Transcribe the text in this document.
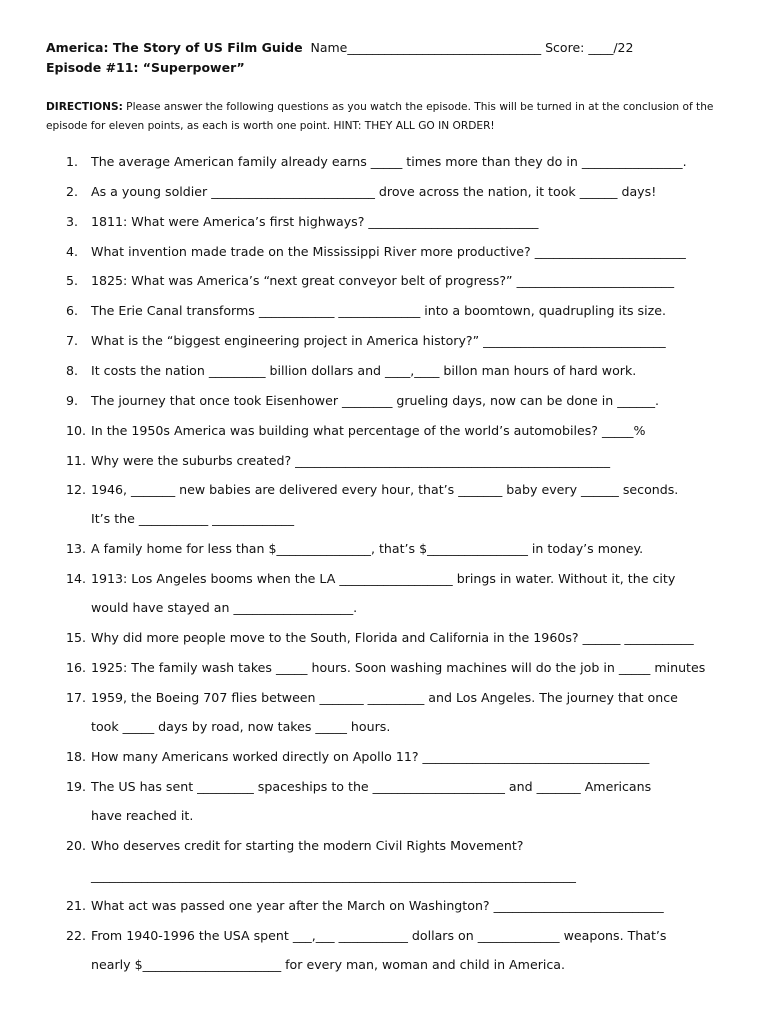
America: The Story of US Film Guide Name_______________________________ Score: ____/22
Episode #11: “Superpower”
DIRECTIONS: Please answer the following questions as you watch the episode. This will be turned in at the conclusion of the episode for eleven points, as each is worth one point. HINT: THEY ALL GO IN ORDER!
1. The average American family already earns _____ times more than they do in ________________.
2. As a young soldier __________________________ drove across the nation, it took ______ days!
3. 1811: What were America’s first highways? ___________________________
4. What invention made trade on the Mississippi River more productive? ________________________
5. 1825: What was America’s “next great conveyor belt of progress?” _________________________
6. The Erie Canal transforms ____________ _____________ into a boomtown, quadrupling its size.
7. What is the “biggest engineering project in America history?” _____________________________
8. It costs the nation _________ billion dollars and ____,____ billon man hours of hard work.
9. The journey that once took Eisenhower ________ grueling days, now can be done in ______.
10. In the 1950s America was building what percentage of the world’s automobiles? _____%
11. Why were the suburbs created? __________________________________________________
12. 1946, _______ new babies are delivered every hour, that’s _______ baby every ______ seconds.
It’s the ___________ _____________
13. A family home for less than $_______________, that’s $________________ in today’s money.
14. 1913: Los Angeles booms when the LA __________________ brings in water. Without it, the city
would have stayed an ___________________.
15. Why did more people move to the South, Florida and California in the 1960s? ______ ___________
16. 1925: The family wash takes _____ hours. Soon washing machines will do the job in _____ minutes
17. 1959, the Boeing 707 flies between _______ _________ and Los Angeles. The journey that once
took _____ days by road, now takes _____ hours.
18. How many Americans worked directly on Apollo 11? ____________________________________
19. The US has sent _________ spaceships to the _____________________ and _______ Americans
have reached it.
20. Who deserves credit for starting the modern Civil Rights Movement?
_____________________________________________________________________________
21. What act was passed one year after the March on Washington? ___________________________
22. From 1940-1996 the USA spent ___,___ ___________ dollars on _____________ weapons. That’s
nearly $______________________ for every man, woman and child in America.
